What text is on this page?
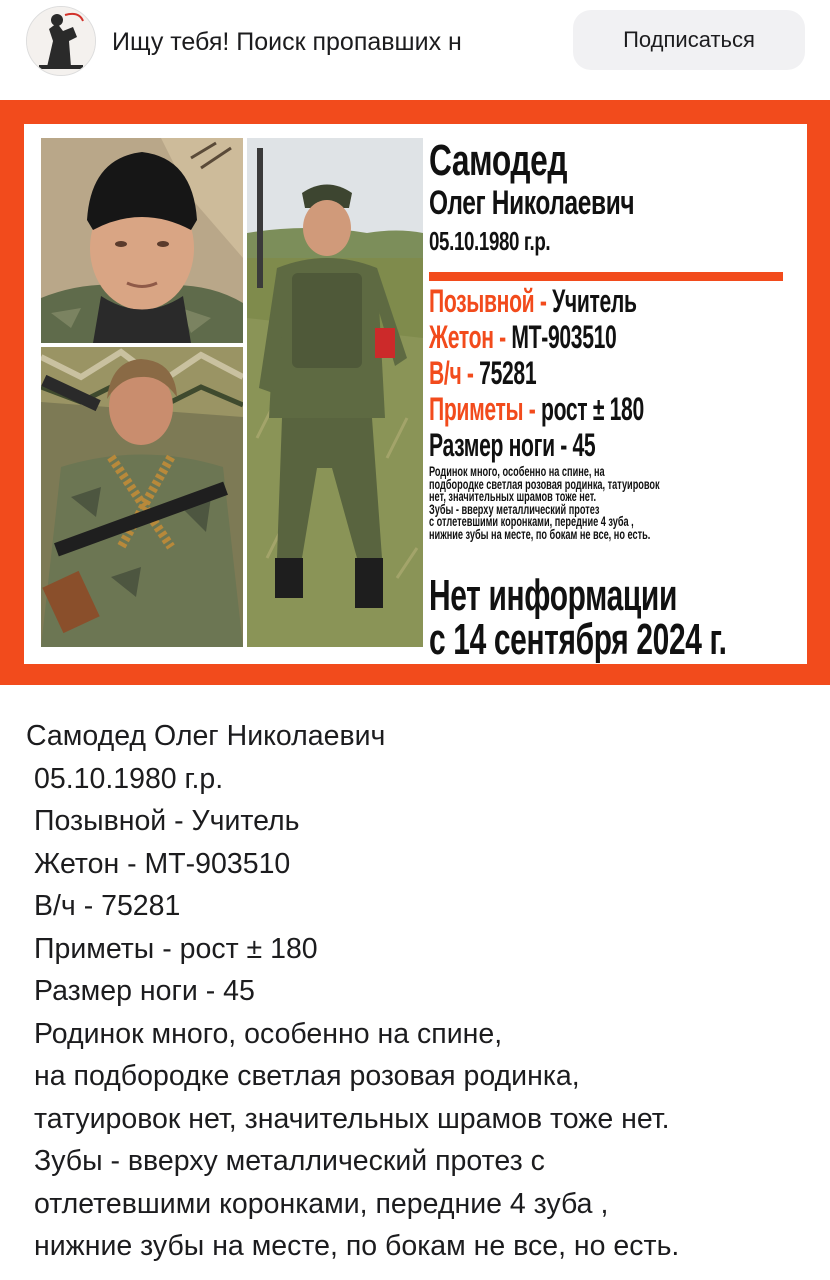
Ищу тебя! Поиск пропавших н	Подписаться
Самодед
Олег Николаевич
05.10.1980 г.р.
Позывной - Учитель
Жетон - МТ-903510
В/ч - 75281
Приметы - рост ± 180
Размер ноги - 45
Родинок много, особенно на спине, на
подбородке светлая розовая родинка, татуировок
нет, значительных шрамов тоже нет.
Зубы - вверху металлический протез
с отлетевшими коронками, передние 4 зуба ,
нижние зубы на месте, по бокам не все, но есть.
Нет информации
с 14 сентября 2024 г.
Самодед Олег Николаевич
05.10.1980 г.р.
Позывной - Учитель
Жетон - МТ-903510
В/ч - 75281
Приметы - рост ± 180
Размер ноги - 45
Родинок много, особенно на спине,
на подбородке светлая розовая родинка,
татуировок нет, значительных шрамов тоже нет.
Зубы - вверху металлический протез с
отлетевшими коронками, передние 4 зуба ,
нижние зубы на месте, по бокам не все, но есть.
